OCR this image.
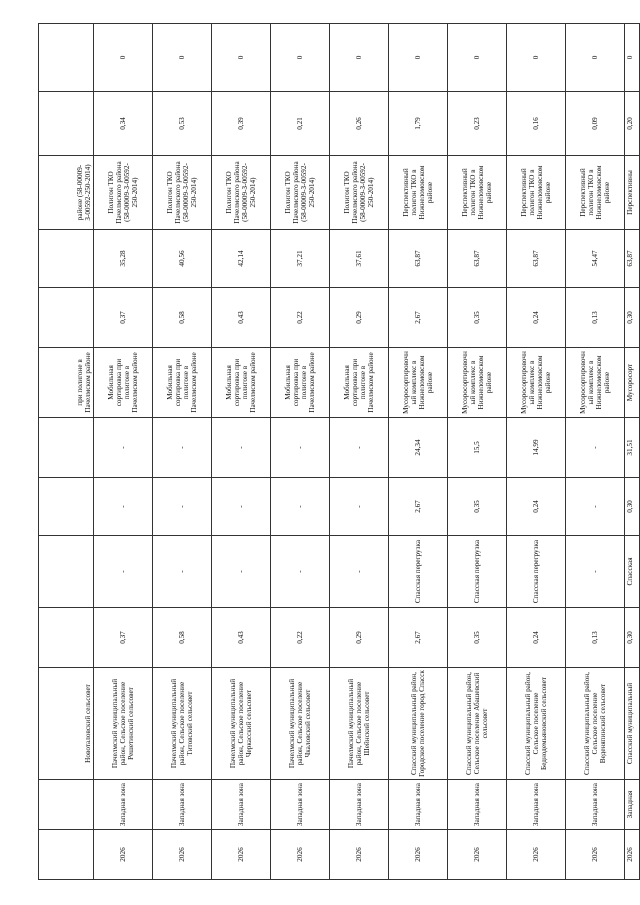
		Новоталовский сельсовет					при полигоне в Пачелмском районе			районе (58-00009-З-00592-250-2014)		
2026	Западная зона	Пачелмский муниципальный район, Сельское поселение Решетинский сельсовет	0,37	-	-	-	Мобильная сортировка при полигоне в Пачелмском районе	0,37	35,28	Полигон ТКО Пачелмского района (58-00009-З-00592-250-2014)	0,34	0
2026	Западная зона	Пачелмский муниципальный район, Сельское поселение Титовский сельсовет	0,58	-	-	-	Мобильная сортировка при полигоне в Пачелмском районе	0,58	40,56	Полигон ТКО Пачелмского района (58-00009-З-00592-250-2014)	0,53	0
2026	Западная зона	Пачелмский муниципальный район, Сельское поселение Черкасский сельсовет	0,43	-	-	-	Мобильная сортировка при полигоне в Пачелмском районе	0,43	42,14	Полигон ТКО Пачелмского района (58-00009-З-00592-250-2014)	0,39	0
2026	Западная зона	Пачелмский муниципальный район, Сельское поселение Чкаловский сельсовет	0,22	-	-	-	Мобильная сортировка при полигоне в Пачелмском районе	0,22	37,21	Полигон ТКО Пачелмского района (58-00009-З-00592-250-2014)	0,21	0
2026	Западная зона	Пачелмский муниципальный район, Сельское поселение Шейнский сельсовет	0,29	-	-	-	Мобильная сортировка при полигоне в Пачелмском районе	0,29	37,61	Полигон ТКО Пачелмского района (58-00009-З-00592-250-2014)	0,26	0
2026	Западная зона	Спасский муниципальный район, Городское поселение город Спасск	2,67	Спасская перегрузка	2,67	24,34	Мусоросортировочный комплекс в Нижнеломовском районе	2,67	63,87	Перспективный полигон ТКО в Нижнеломовском районе	1,79	0
2026	Западная зона	Спасский муниципальный район, Сельское поселение Абашевский сельсовет	0,35	Спасская перегрузка	0,35	15,5	Мусоросортировочный комплекс в Нижнеломовском районе	0,35	63,87	Перспективный полигон ТКО в Нижнеломовском районе	0,23	0
2026	Западная зона	Спасский муниципальный район, Сельское поселение Беднодемьяновский сельсовет	0,24	Спасская перегрузка	0,24	14,99	Мусоросортировочный комплекс в Нижнеломовском районе	0,24	63,87	Перспективный полигон ТКО в Нижнеломовском районе	0,16	0
2026	Западная зона	Спасский муниципальный район, Сельское поселение Веденяпинский сельсовет	0,13	-	-	-	Мусоросортировочный комплекс в Нижнеломовском районе	0,13	54,47	Перспективный полигон ТКО в Нижнеломовском районе	0,09	0
2026	Западная	Спасский муниципальный	0,30	Спасская	0,30	31,51	Мусоросорт	0,30	63,87	Перспективны	0,20	0
